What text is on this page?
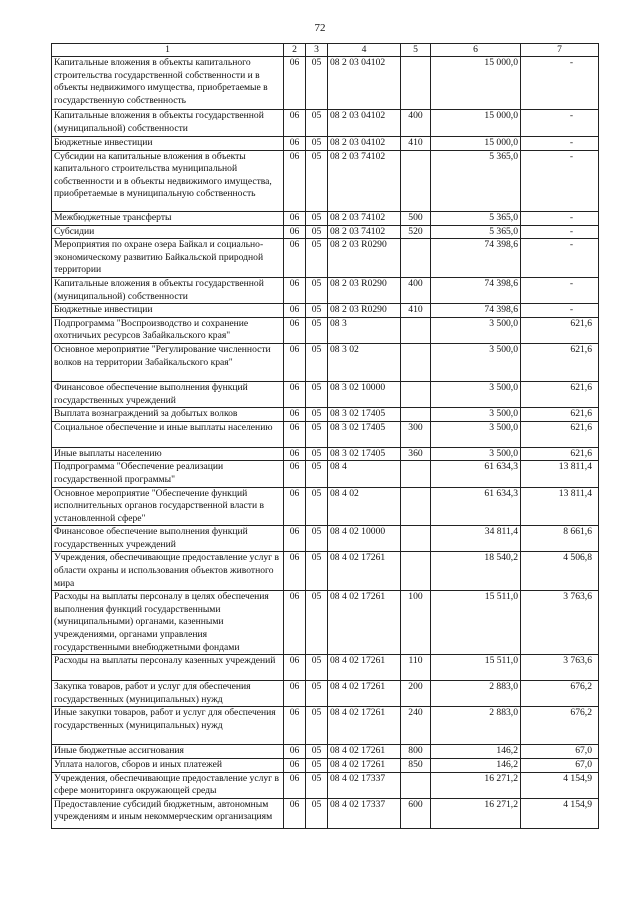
72
1	2	3	4	5	6	7
Капитальные вложения в объекты капитального строительства государственной собственности и в объекты недвижимого имущества, приобретаемые в государственную собственность	06	05	08 2 03 04102		15 000,0	-
Капитальные вложения в объекты государственной (муниципальной) собственности	06	05	08 2 03 04102	400	15 000,0	-
Бюджетные инвестиции	06	05	08 2 03 04102	410	15 000,0	-
Субсидии на капитальные вложения в объекты капитального строительства муниципальной собственности и в объекты недвижимого имущества, приобретаемые в муниципальную собственность	06	05	08 2 03 74102		5 365,0	-
Межбюджетные трансферты	06	05	08 2 03 74102	500	5 365,0	-
Субсидии	06	05	08 2 03 74102	520	5 365,0	-
Мероприятия по охране озера Байкал и социально-экономическому развитию Байкальской природной территории	06	05	08 2 03 R0290		74 398,6	-
Капитальные вложения в объекты государственной (муниципальной) собственности	06	05	08 2 03 R0290	400	74 398,6	-
Бюджетные инвестиции	06	05	08 2 03 R0290	410	74 398,6	-
Подпрограмма "Воспроизводство и сохранение охотничьих ресурсов Забайкальского края"	06	05	08 3		3 500,0	621,6
Основное мероприятие "Регулирование численности волков на территории Забайкальского края"	06	05	08 3 02		3 500,0	621,6
Финансовое обеспечение выполнения функций государственных учреждений	06	05	08 3 02 10000		3 500,0	621,6
Выплата вознаграждений за добытых волков	06	05	08 3 02 17405		3 500,0	621,6
Социальное обеспечение и иные выплаты населению	06	05	08 3 02 17405	300	3 500,0	621,6
Иные выплаты населению	06	05	08 3 02 17405	360	3 500,0	621,6
Подпрограмма "Обеспечение реализации государственной программы"	06	05	08 4		61 634,3	13 811,4
Основное мероприятие "Обеспечение функций исполнительных органов государственной власти в установленной сфере"	06	05	08 4 02		61 634,3	13 811,4
Финансовое обеспечение выполнения функций государственных учреждений	06	05	08 4 02 10000		34 811,4	8 661,6
Учреждения, обеспечивающие предоставление услуг в области охраны и использования объектов животного мира	06	05	08 4 02 17261		18 540,2	4 506,8
Расходы на выплаты персоналу в целях обеспечения выполнения функций государственными (муниципальными) органами, казенными учреждениями, органами управления государственными внебюджетными фондами	06	05	08 4 02 17261	100	15 511,0	3 763,6
Расходы на выплаты персоналу казенных учреждений	06	05	08 4 02 17261	110	15 511,0	3 763,6
Закупка товаров, работ и услуг для обеспечения государственных (муниципальных) нужд	06	05	08 4 02 17261	200	2 883,0	676,2
Иные закупки товаров, работ и услуг для обеспечения государственных (муниципальных) нужд	06	05	08 4 02 17261	240	2 883,0	676,2
Иные бюджетные ассигнования	06	05	08 4 02 17261	800	146,2	67,0
Уплата налогов, сборов и иных платежей	06	05	08 4 02 17261	850	146,2	67,0
Учреждения, обеспечивающие предоставление услуг в сфере мониторинга окружающей среды	06	05	08 4 02 17337		16 271,2	4 154,9
Предоставление субсидий бюджетным, автономным учреждениям и иным некоммерческим организациям	06	05	08 4 02 17337	600	16 271,2	4 154,9
